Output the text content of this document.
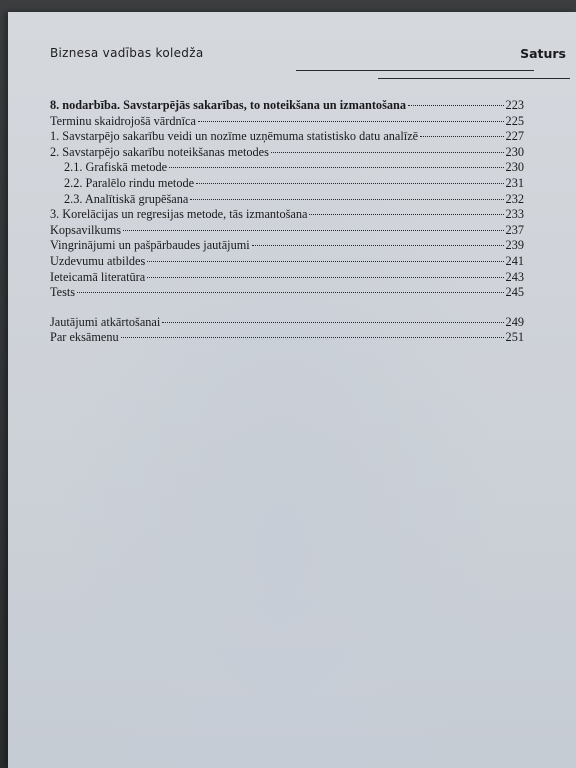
Biznesa vadības koledža	Saturs
8. nodarbība. Savstarpējās sakarības, to noteikšana un izmantošana	223
Terminu skaidrojošā vārdnīca	225
1. Savstarpējo sakarību veidi un nozīme uzņēmuma statistisko datu analīzē	227
2. Savstarpējo sakarību noteikšanas metodes	230
2.1. Grafiskā metode	230
2.2. Paralēlo rindu metode	231
2.3. Analītiskā grupēšana	232
3. Korelācijas un regresijas metode, tās izmantošana	233
Kopsavilkums	237
Vingrinājumi un pašpārbaudes jautājumi	239
Uzdevumu atbildes	241
Ieteicamā literatūra	243
Tests	245
Jautājumi atkārtošanai	249
Par eksāmenu	251
